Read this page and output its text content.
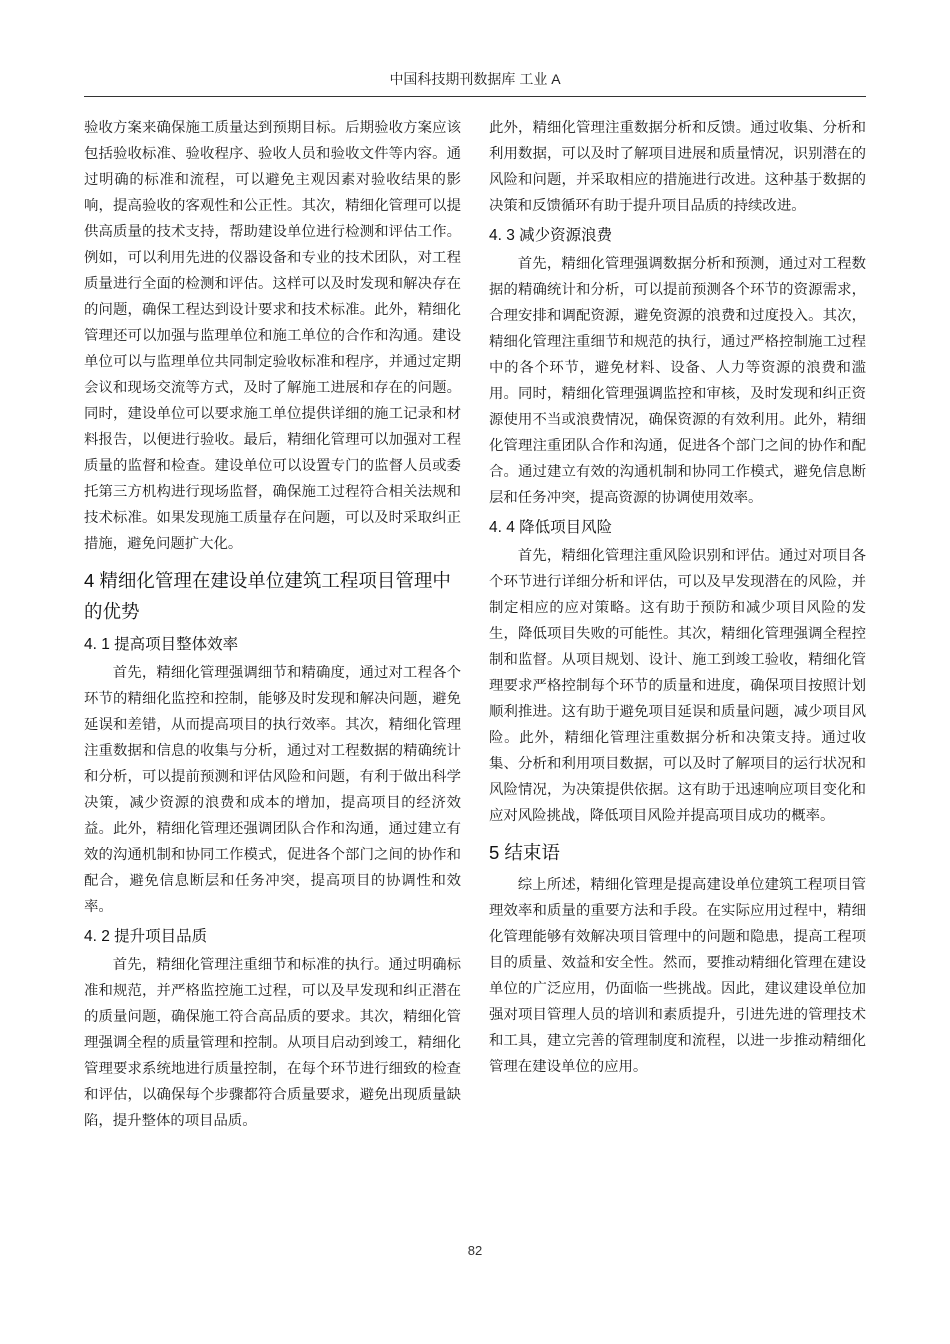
中国科技期刊数据库 工业 A

验收方案来确保施工质量达到预期目标。后期验收方案应该包括验收标准、验收程序、验收人员和验收文件等内容。通过明确的标准和流程，可以避免主观因素对验收结果的影响，提高验收的客观性和公正性。其次，精细化管理可以提供高质量的技术支持，帮助建设单位进行检测和评估工作。例如，可以利用先进的仪器设备和专业的技术团队，对工程质量进行全面的检测和评估。这样可以及时发现和解决存在的问题，确保工程达到设计要求和技术标准。此外，精细化管理还可以加强与监理单位和施工单位的合作和沟通。建设单位可以与监理单位共同制定验收标准和程序，并通过定期会议和现场交流等方式，及时了解施工进展和存在的问题。同时，建设单位可以要求施工单位提供详细的施工记录和材料报告，以便进行验收。最后，精细化管理可以加强对工程质量的监督和检查。建设单位可以设置专门的监督人员或委托第三方机构进行现场监督，确保施工过程符合相关法规和技术标准。如果发现施工质量存在问题，可以及时采取纠正措施，避免问题扩大化。

4 精细化管理在建设单位建筑工程项目管理中的优势
4. 1 提高项目整体效率

首先，精细化管理强调细节和精确度，通过对工程各个环节的精细化监控和控制，能够及时发现和解决问题，避免延误和差错，从而提高项目的执行效率。其次，精细化管理注重数据和信息的收集与分析，通过对工程数据的精确统计和分析，可以提前预测和评估风险和问题，有利于做出科学决策，减少资源的浪费和成本的增加，提高项目的经济效益。此外，精细化管理还强调团队合作和沟通，通过建立有效的沟通机制和协同工作模式，促进各个部门之间的协作和配合，避免信息断层和任务冲突，提高项目的协调性和效率。

4. 2 提升项目品质

首先，精细化管理注重细节和标准的执行。通过明确标准和规范，并严格监控施工过程，可以及早发现和纠正潜在的质量问题，确保施工符合高品质的要求。其次，精细化管理强调全程的质量管理和控制。从项目启动到竣工，精细化管理要求系统地进行质量控制，在每个环节进行细致的检查和评估，以确保每个步骤都符合质量要求，避免出现质量缺陷，提升整体的项目品质。

此外，精细化管理注重数据分析和反馈。通过收集、分析和利用数据，可以及时了解项目进展和质量情况，识别潜在的风险和问题，并采取相应的措施进行改进。这种基于数据的决策和反馈循环有助于提升项目品质的持续改进。

4. 3 减少资源浪费

首先，精细化管理强调数据分析和预测，通过对工程数据的精确统计和分析，可以提前预测各个环节的资源需求，合理安排和调配资源，避免资源的浪费和过度投入。其次，精细化管理注重细节和规范的执行，通过严格控制施工过程中的各个环节，避免材料、设备、人力等资源的浪费和滥用。同时，精细化管理强调监控和审核，及时发现和纠正资源使用不当或浪费情况，确保资源的有效利用。此外，精细化管理注重团队合作和沟通，促进各个部门之间的协作和配合。通过建立有效的沟通机制和协同工作模式，避免信息断层和任务冲突，提高资源的协调使用效率。

4. 4 降低项目风险

首先，精细化管理注重风险识别和评估。通过对项目各个环节进行详细分析和评估，可以及早发现潜在的风险，并制定相应的应对策略。这有助于预防和减少项目风险的发生，降低项目失败的可能性。其次，精细化管理强调全程控制和监督。从项目规划、设计、施工到竣工验收，精细化管理要求严格控制每个环节的质量和进度，确保项目按照计划顺利推进。这有助于避免项目延误和质量问题，减少项目风险。此外，精细化管理注重数据分析和决策支持。通过收集、分析和利用项目数据，可以及时了解项目的运行状况和风险情况，为决策提供依据。这有助于迅速响应项目变化和应对风险挑战，降低项目风险并提高项目成功的概率。

5 结束语

综上所述，精细化管理是提高建设单位建筑工程项目管理效率和质量的重要方法和手段。在实际应用过程中，精细化管理能够有效解决项目管理中的问题和隐患，提高工程项目的质量、效益和安全性。然而，要推动精细化管理在建设单位的广泛应用，仍面临一些挑战。因此，建议建设单位加强对项目管理人员的培训和素质提升，引进先进的管理技术和工具，建立完善的管理制度和流程，以进一步推动精细化管理在建设单位的应用。

82
